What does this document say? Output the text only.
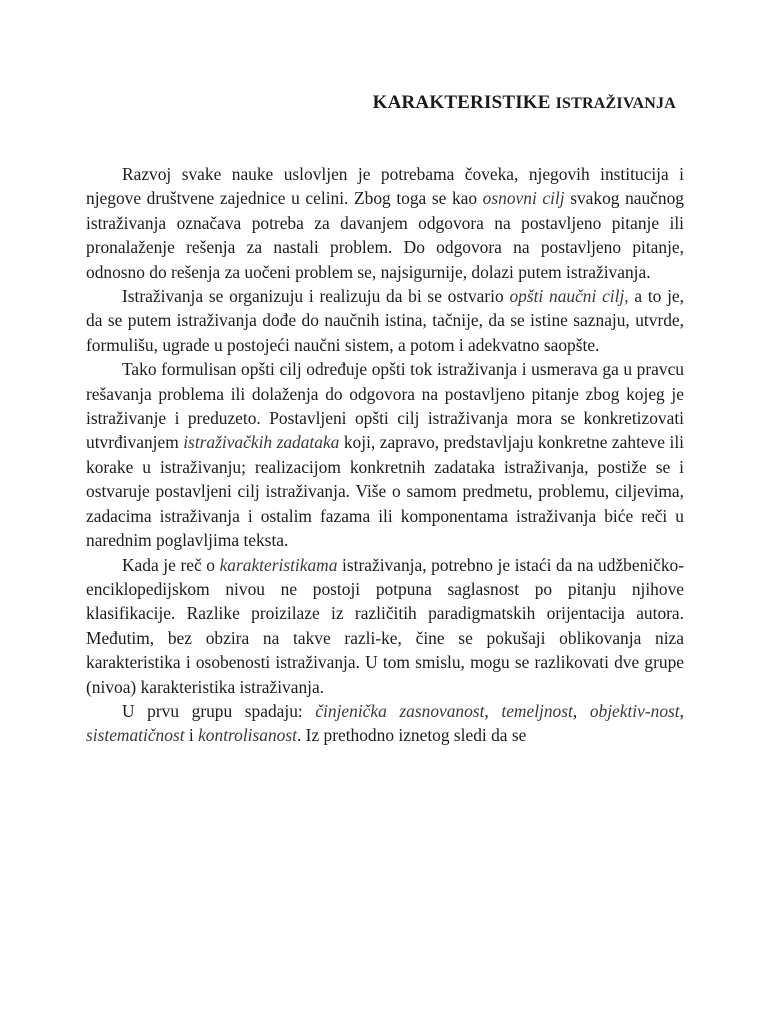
KARAKTERISTIKE ISTRAŽIVANJA

Razvoj svake nauke uslovljen je potrebama čoveka, njegovih institucija i njegove društvene zajednice u celini. Zbog toga se kao osnovni cilj svakog naučnog istraživanja označava potreba za davanjem odgovora na postavljeno pitanje ili pronalaženje rešenja za nastali problem. Do odgovora na postavljeno pitanje, odnosno do rešenja za uočeni problem se, najsigurnije, dolazi putem istraživanja.

Istraživanja se organizuju i realizuju da bi se ostvario opšti naučni cilj, a to je, da se putem istraživanja dođe do naučnih istina, tačnije, da se istine saznaju, utvrde, formulišu, ugrade u postojeći naučni sistem, a potom i adekvatno saopšte.

Tako formulisan opšti cilj određuje opšti tok istraživanja i usmerava ga u pravcu rešavanja problema ili dolaženja do odgovora na postavljeno pitanje zbog kojeg je istraživanje i preduzeto. Postavljeni opšti cilj istraživanja mora se konkretizovati utvrđivanjem istraživačkih zadataka koji, zapravo, predstavljaju konkretne zahteve ili korake u istraživanju; realizacijom konkretnih zadataka istraživanja, postiže se i ostvaruje postavljeni cilj istraživanja. Više o samom predmetu, problemu, ciljevima, zadacima istraživanja i ostalim fazama ili komponentama istraživanja biće reči u narednim poglavljima teksta.

Kada je reč o karakteristikama istraživanja, potrebno je istaći da na udžbeničko-enciklopedijskom nivou ne postoji potpuna saglasnost po pitanju njihove klasifikacije. Razlike proizilaze iz različitih paradigmatskih orijentacija autora. Međutim, bez obzira na takve razli-ke, čine se pokušaji oblikovanja niza karakteristika i osobenosti istraživanja. U tom smislu, mogu se razlikovati dve grupe (nivoa) karakteristika istraživanja.

U prvu grupu spadaju: činjenička zasnovanost, temeljnost, objektiv-nost, sistematičnost i kontrolisanost. Iz prethodno iznetog sledi da se
